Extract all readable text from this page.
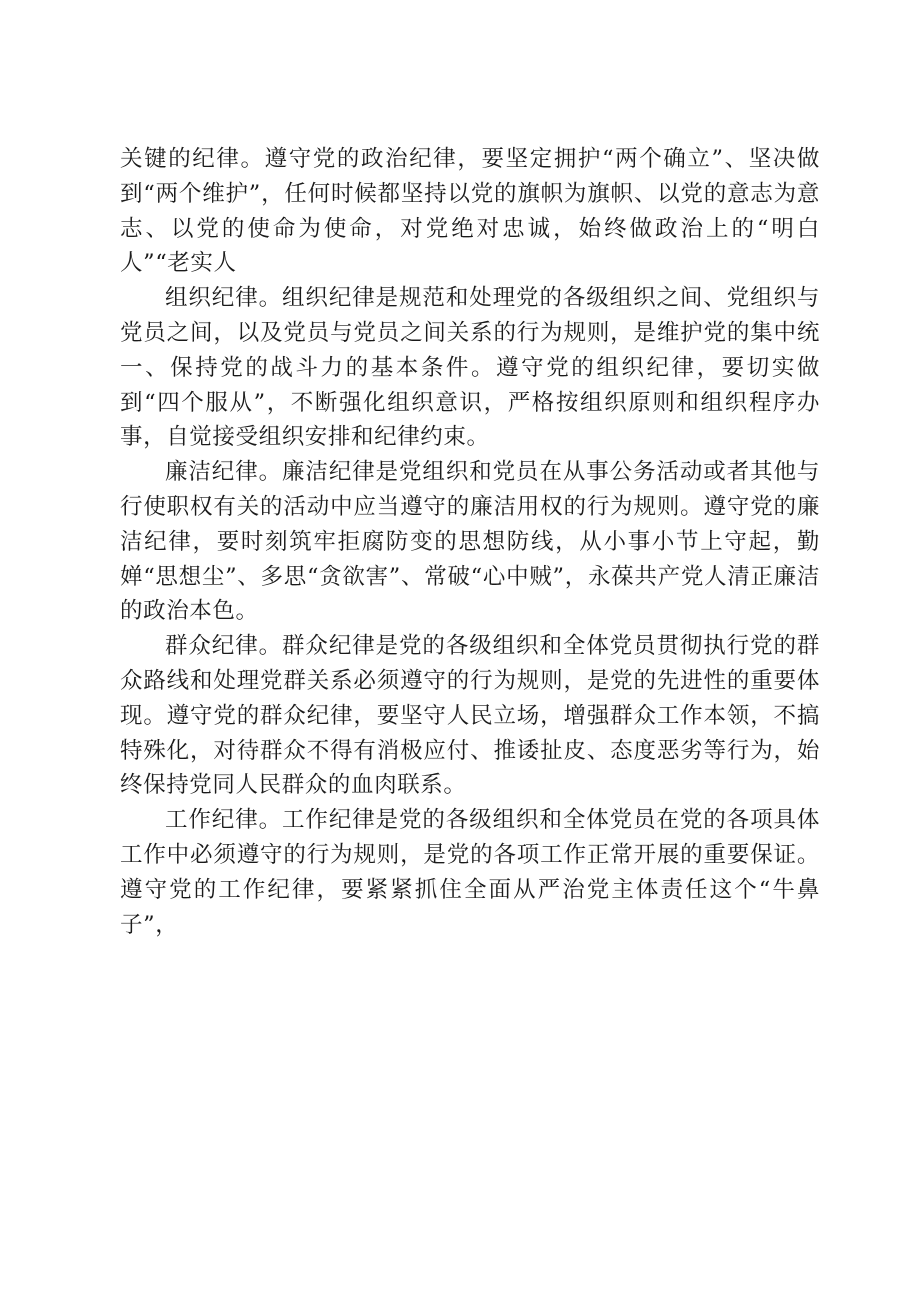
关键的纪律。遵守党的政治纪律，要坚定拥护“两个确立”、坚决做到“两个维护”，任何时候都坚持以党的旗帜为旗帜、以党的意志为意志、以党的使命为使命，对党绝对忠诚，始终做政治上的“明白人”“老实人

组织纪律。组织纪律是规范和处理党的各级组织之间、党组织与党员之间，以及党员与党员之间关系的行为规则，是维护党的集中统一、保持党的战斗力的基本条件。遵守党的组织纪律，要切实做到“四个服从”，不断强化组织意识，严格按组织原则和组织程序办事，自觉接受组织安排和纪律约束。

廉洁纪律。廉洁纪律是党组织和党员在从事公务活动或者其他与行使职权有关的活动中应当遵守的廉洁用权的行为规则。遵守党的廉洁纪律，要时刻筑牢拒腐防变的思想防线，从小事小节上守起，勤婵“思想尘”、多思“贪欲害”、常破“心中贼”，永葆共产党人清正廉洁的政治本色。

群众纪律。群众纪律是党的各级组织和全体党员贯彻执行党的群众路线和处理党群关系必须遵守的行为规则，是党的先进性的重要体现。遵守党的群众纪律，要坚守人民立场，增强群众工作本领，不搞特殊化，对待群众不得有消极应付、推诿扯皮、态度恶劣等行为，始终保持党同人民群众的血肉联系。

工作纪律。工作纪律是党的各级组织和全体党员在党的各项具体工作中必须遵守的行为规则，是党的各项工作正常开展的重要保证。遵守党的工作纪律，要紧紧抓住全面从严治党主体责任这个“牛鼻子”，
